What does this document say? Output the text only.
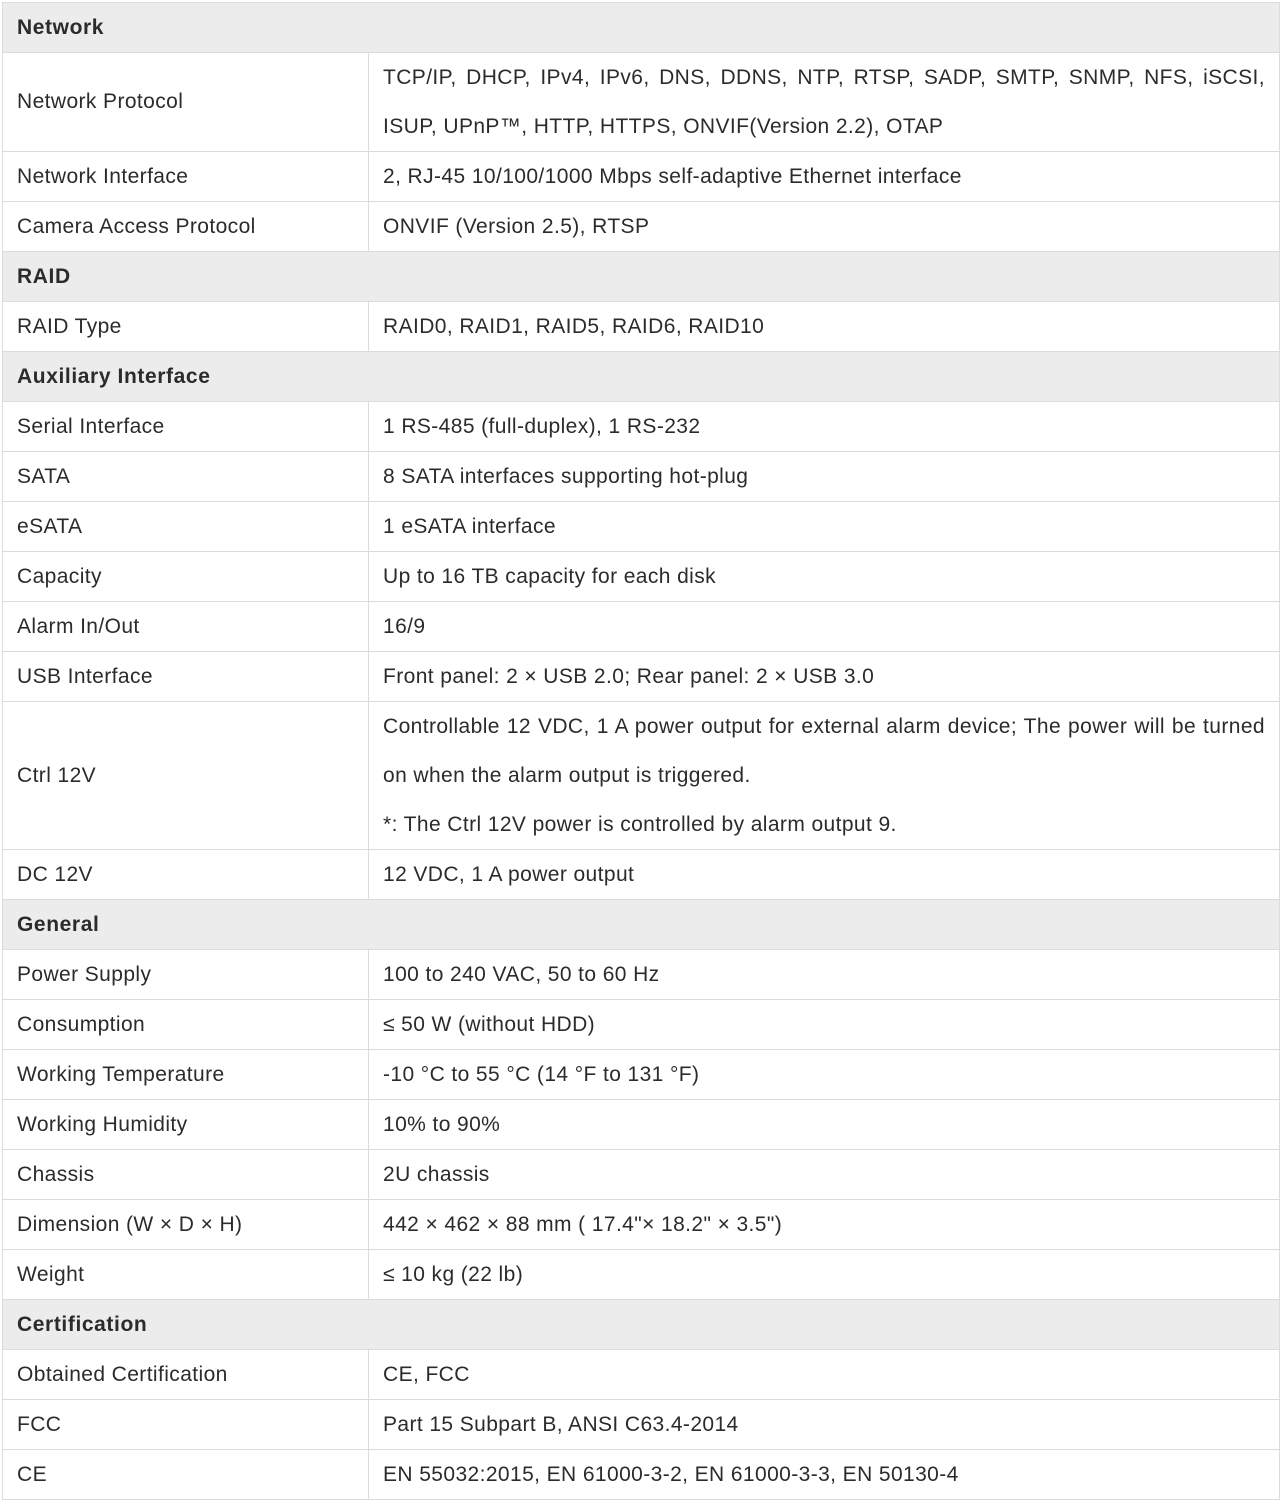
Network	
Network Protocol	TCP/IP, DHCP, IPv4, IPv6, DNS, DDNS, NTP, RTSP, SADP, SMTP, SNMP, NFS, iSCSI, ISUP, UPnP™, HTTP, HTTPS, ONVIF(Version 2.2), OTAP

Network Interface	2, RJ-45 10/100/1000 Mbps self-adaptive Ethernet interface

Camera Access Protocol	ONVIF (Version 2.5), RTSP

RAID	
RAID Type	RAID0, RAID1, RAID5, RAID6, RAID10

Auxiliary Interface	
Serial Interface	1 RS-485 (full-duplex), 1 RS-232

SATA	8 SATA interfaces supporting hot-plug

eSATA	1 eSATA interface

Capacity	Up to 16 TB capacity for each disk

Alarm In/Out	16/9

USB Interface	Front panel: 2 × USB 2.0; Rear panel: 2 × USB 3.0

Ctrl 12V	Controllable 12 VDC, 1 A power output for external alarm device; The power will be turned on when the alarm output is triggered.

*: The Ctrl 12V power is controlled by alarm output 9.

DC 12V	12 VDC, 1 A power output

General	
Power Supply	100 to 240 VAC, 50 to 60 Hz

Consumption	≤ 50 W (without HDD)

Working Temperature	-10 °C to 55 °C (14 °F to 131 °F)

Working Humidity	10% to 90%

Chassis	2U chassis

Dimension (W × D × H)	442 × 462 × 88 mm ( 17.4"× 18.2" × 3.5")

Weight	≤ 10 kg (22 lb)

Certification	
Obtained Certification	CE, FCC

FCC	Part 15 Subpart B, ANSI C63.4-2014

CE	EN 55032:2015, EN 61000-3-2, EN 61000-3-3, EN 50130-4
